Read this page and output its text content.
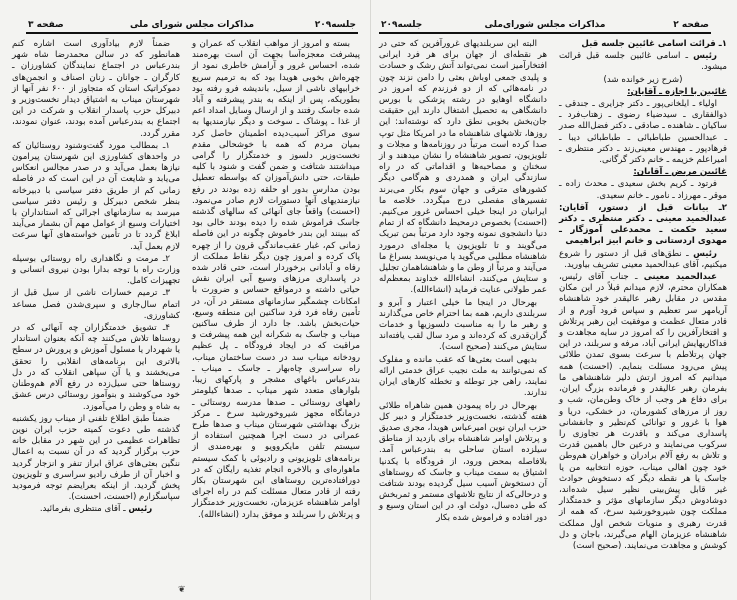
صفحه ۳	مذاکرات مجلس شورای ملی	جلسه۲۰۹

ضمناً لازم بیادآوری است اشاره کنم همانطور که در سالن محمدرضا شاه شهر بندرعباس در اجتماع نمایندگان کشاورزان ـ کارگران ـ جوانان ـ زنان اصناف و انجمن‌های دموکراتیک استان که متجاوز از ۶۰۰ نفر آنها از شهرستان میناب به اشتیاق دیدار نخست‌وزیر و دبیرکل حزب پاسدار انقلاب و شرکت در این اجتماع به بندرعباس آمده بودند، عنوان نمودند، مقرر گردد.

۱ـ بمطالب مورد گفت‌وشنود روستائیان که در واحدهای کشاورزی این شهرستان پیرامون نیازها بعمل می‌آید و در صدر مجالس انعکاس می‌یابد و شایعت آن در این است که در فاصله زمانی کم از طریق دفتر سیاسی با دبیرخانه بنظر شخص دبیرکل و رئیس دفتر سیاسی میرسد به سازمانهای اجرائی که استانداران با اختیارات وسیع از عوامل مهم آن بشمار می‌آیند ابلاغ گردد تا در تأمین خواسته‌های آنها سرعت لازم بعمل آید.

۲ـ مرمت و نگاهداری راه روستائی بوسیله وزارت راه با توجه بدارا بودن نیروی انسانی و تجهیزات کامل.

۳ـ ترمیم خسارات ناشی از سیل قبل از اتمام سال‌جاری و سپری‌شدن فصل مساعد کشاورزی.

۴ـ تشویق خدمتگزاران چه آنهائی که در روستاها تلاش می‌کنند چه آنکه بعنوان استاندار یا شهردار یا مسئول آموزش و پرورش در سطح بالاتری این برنامه‌های انقلابی را تحقق می‌بخشند و یا آن سپاهی انقلاب که در دل روستاها حتی سیل‌زده در رفع آلام هم‌وطنان خود می‌کوشند و بنوآموز روستائی درس عشق به شاه و وطن را می‌آموزد.

ضمناً طبق اطلاع تلفنی از میناب روز یکشنبه گذشته طی دعوت کمیته حزب ایران نوین تظاهرات عظیمی در این شهر در مقابل خانه حزب برگزار گردید که در آن نسبت به اعمال ننگین بعثی‌های عراق ابراز تنفر و انزجار گردید و اخبار آن از طرف رادیو سراسری و تلویزیون پخش گردید. از اینکه بعرایضم توجه فرمودید سپاسگزارم (احسنت، احسنت).

رئیس ـ آقای منتظری بفرمائید.

بسته و امروز از مواهب انقلاب که عمران و پیشرفت معجزه‌آسا بجهت آن است بهره‌مند شده، احساس غرور و آرامش خاطری نمود از چهره‌اش بخوبی هویدا بود که به ترمیم سریع خرابیهای ناشی از سیل، باندیشه فرو رفته بود بطوریکه، پس از اینکه به بندر پیشرفته و آباد شده جاسک رفتند و از ارسال وسایل امداد اعم از غذا ـ پوشاک ـ سوخت و دیگر نیازمندیها به سوی مراکز آسیب‌دیده اطمینان حاصل کرد بمیان مردم که همه با خوشحالی مقدم نخست‌وزیر دلسوز و خدمتگزار را گرامی میداشتند شتافت و ضمن گفت و شنود با کلیه طبقات، حتی دانش‌آموزان که بواسطه تعطیل بودن مدارس بدور او حلقه زده بودند در رفع نیازمندیهای آنها دستورات لازم صادر می‌نمود. (احسنت) واقعاً جای آنهائی که سالهای گذشته جاسک فراموش شده را دیده بودند خالی بود که ببینند این بندر خاموش چگونه در این فاصله زمانی کم، غبار عقب‌ماندگی قرون را از چهره پاک کرده و امروز چون دیگر نقاط مملکت از رفاه و آبادانی برخوردار است، حتی قادر شده در پاسداری مرزهای وسیع آبی ایران نقش حیاتی داشته و درمواقع حساس و ضرورت با امکانات چشمگیر سازمانهای مستقر در آن، در تأمین رفاه فرد فرد ساکنین این منطقه وسیع، حیات‌بخش باشد. جا دارد از طرف ساکنین میناب و جاسک به شکرانه این همه پیشرفت و مراقبت که در ایجاد فرودگاه ـ پل عظیم رودخانه میناب سد در دست ساختمان میناب، راه سراسری چاه‌بهار ـ جاسک ـ میناب ـ بندرعباس باغهای مشجر و پارکهای زیبا، بلوارهای متعدد شهر میناب ـ صدها کیلومتر راههای روستائی ـ صدها مدرسه روستائی ـ درمانگاه مجهز شیروخورشید سرخ ـ مرکز بزرگ بهداشتی شهرستان میناب و صدها طرح عمرانی در دست اجرا همچنین استفاده از سیستم تلفن مایکروویو و بهره‌مندی از برنامه‌های تلویزیونی و رادیوئی با کمک سیستم ماهواره‌ای و بالاخره انجام تغذیه رایگان که در دورافتاده‌ترین روستاهای این شهرستان بکار رفته از قادر متعال مسئلت کنم در راه اجرای اوامر شاهنشاه عزیزمان، نخست‌وزیر خدمتگزار و پرتلاش را سربلند و موفق بدارد (انشاءالله).

❦
جلسه۲۰۹	مذاکرات مجلس شورای‌ملی	صفحه ۲

البته این سربلندیهای غرورآفرین که حتی در هر نقطه‌ای از جهان برای هر فرد ایرانی افتخارآمیز است نمی‌تواند آتش رشک و حسادت و پلیدی جمعی اوباش بعثی را دامن نزند چون در نامه‌هائی که از دو فرزندم که امروز در دانشگاه اوهایو در رشته پزشکی با بورس دانشگاهی به تحصیل اشتغال دارند این حقیقت جان‌بخش بخوبی نطق دارد که نوشته‌اند: این روزها، تلاشهای شاهنشاه ما در امریکا مثل توپ صدا کرده است مرتباً در روزنامه‌ها و مجلات و تلویزیون، تصویر شاهنشاه را نشان میدهند و از سخنان و مصاحبه‌ها و اقداماتی که در راه سازندگی ایران و همدردی و هم‌گامی دیگر کشورهای مترقی و جهان سوم بکار می‌برند تفسیرهای مفصلی درج میگردد. خلاصه ما ایرانیان در اینجا خیلی احساس غرور می‌کنیم. (احسنت) بخصوص درمحیط دانشگاه که از تمام دنیا دانشجوی نمونه وجود دارد مرتباً بمن تبریک می‌گویند و تا تلویزیون یا مجله‌ای درمورد شاهنشاه مطلبی می‌گوید یا می‌نویسد بسراغ ما می‌آیند و مرتباً از وطن ما و شاهنشاهمان تجلیل و ستایش می‌کنند، انشاءالله خداوند بمعظم‌له عمر طولانی عنایت فرماید (انشاءالله).

بهرحال در اینجا ما خیلی اعتبار و آبرو و سربلندی داریم، همه بما احترام خاص می‌گذارند و رهبر ما را به مناسبت دلسوزیها و خدمات گران‌قدری که کرده‌اند و مرد سال لقب یافته‌اند ستایش می‌کنند (صحیح است).

بدیهی است بعثی‌ها که عقب مانده و مفلوک که نمی‌توانند به ملت نجیب عراق خدمتی ارائه نمایند، راهی جز توطئه و تخطئه کارهای ایران ندارند.

بهرحال در راه پیمودن همین شاهراه طلائی هفته گذشته، نخست‌وزیر خدمتگزار و دبیر کل حزب ایران نوین امیرعباس هویدا، مجری صدیق و پرتلاش اوامر شاهنشاه برای بازدید از مناطق سیلزده استان ساحلی به بندرعباس آمد. بلافاصله بمحض ورود، از فرودگاه با یکدنیا اشتیاق به سمت میناب و جاسک که روستاهای آن دستخوش آسیب سیل گردیده بودند شتافت و درحالی‌که از نتایج تلاشهای مستمر و ثمربخش که طی ده‌سال، دولت او، در این استان وسیع و دور افتاده و فراموش شده بکار

۱ـ قرائت اسامی غائبین جلسه قبل

رئیس ـ اسامی غائبین جلسه قبل قرائت میشود.

(شرح زیر خوانده شد)

غائبین با اجازه ـ آقایان:

اولیاء ـ ایلخانی‌پور ـ دکتر جزایری ـ جندقی ـ ذوالفقاری ـ سیدضیاء رضوی ـ زهتاب‌فرد ـ ساکیان ـ شاهنده ـ صادقی ـ دکتر فضل‌الله صدر ـ عبدالحسین طباطبائی ـ طباطبائی دیبا ـ فرهادپور ـ مهندس معینی‌زند ـ دکتر منتظری ـ امیراعلم خزیمه ـ خانم دکتر گرگانی.

غائبین مریض ـ آقایان:

فرتود ـ کریم بخش سعیدی ـ محدث زاده ـ موقر ـ مهرزاد ـ نامور ـ خانم سعیدی.

۲ـ بیانات قبل از دستور، آقایان: عبدالحمید معینی ـ دکتر منتظری ـ دکتر سعید حکمت ـ محمدعلی آموزگار ـ مهدوی اردستانی و خانم ابیز ابراهیمی

رئیس ـ نطق‌های قبل از دستور را شروع میکنیم، آقای عبدالحمید معینی تشریف بیاورید.

عبدالحمید معینی ـ جناب آقای رئیس، همکاران محترم، لازم میدانم قبلاً در این مکان مقدس در مقابل رهبر عالیقدر خود شاهنشاه آریامهر سر تعظیم و سپاس فرود آورم و از قادر متعال عظمت و موفقیت این رهبر پرتلاش و افتخارآفرین را که امروز در سایه مجاهدت و فداکاریهایش ایرانی آباد، مرفه و سربلند، در این جهان پرتلاطم با سرعت بسوی تمدن طلائی پیش می‌رود مسئلت بنمایم. (احسنت) همه میدانیم که امروز ارتش دلیر شاهنشاهی ما بفرمان رهبر عالیقدر و فرمانده بزرگ ایران، برای دفاع هر وجب از خاک وطن‌مان، شب و روز از مرزهای کشورمان، در خشکی، دریا و هوا با غرور و توانائی کم‌نظیر و جانفشانی پاسداری می‌کند و باقدرت هر تجاوزی را سرکوب می‌نمایند و درعین حال باهمین قدرت و تلاش به رفع آلام برادران و خواهران هم‌وطن خود چون اهالی میناب، حوزه انتخابیه من یا جاسک یا هر نقطه دیگر که دستخوش حوادث غیر قابل پیش‌بینی نظیر سیل شده‌اند، دوشادوش دیگر سازمانهای مؤثر و خدمتگذار مملکت چون شیروخورشید سرخ، که همه از قدرت رهبری و منویات شخص اول مملکت شاهنشاه عزیزمان الهام می‌گیرند، باجان و دل کوشش و مجاهدت می‌نمایند. (صحیح است)
